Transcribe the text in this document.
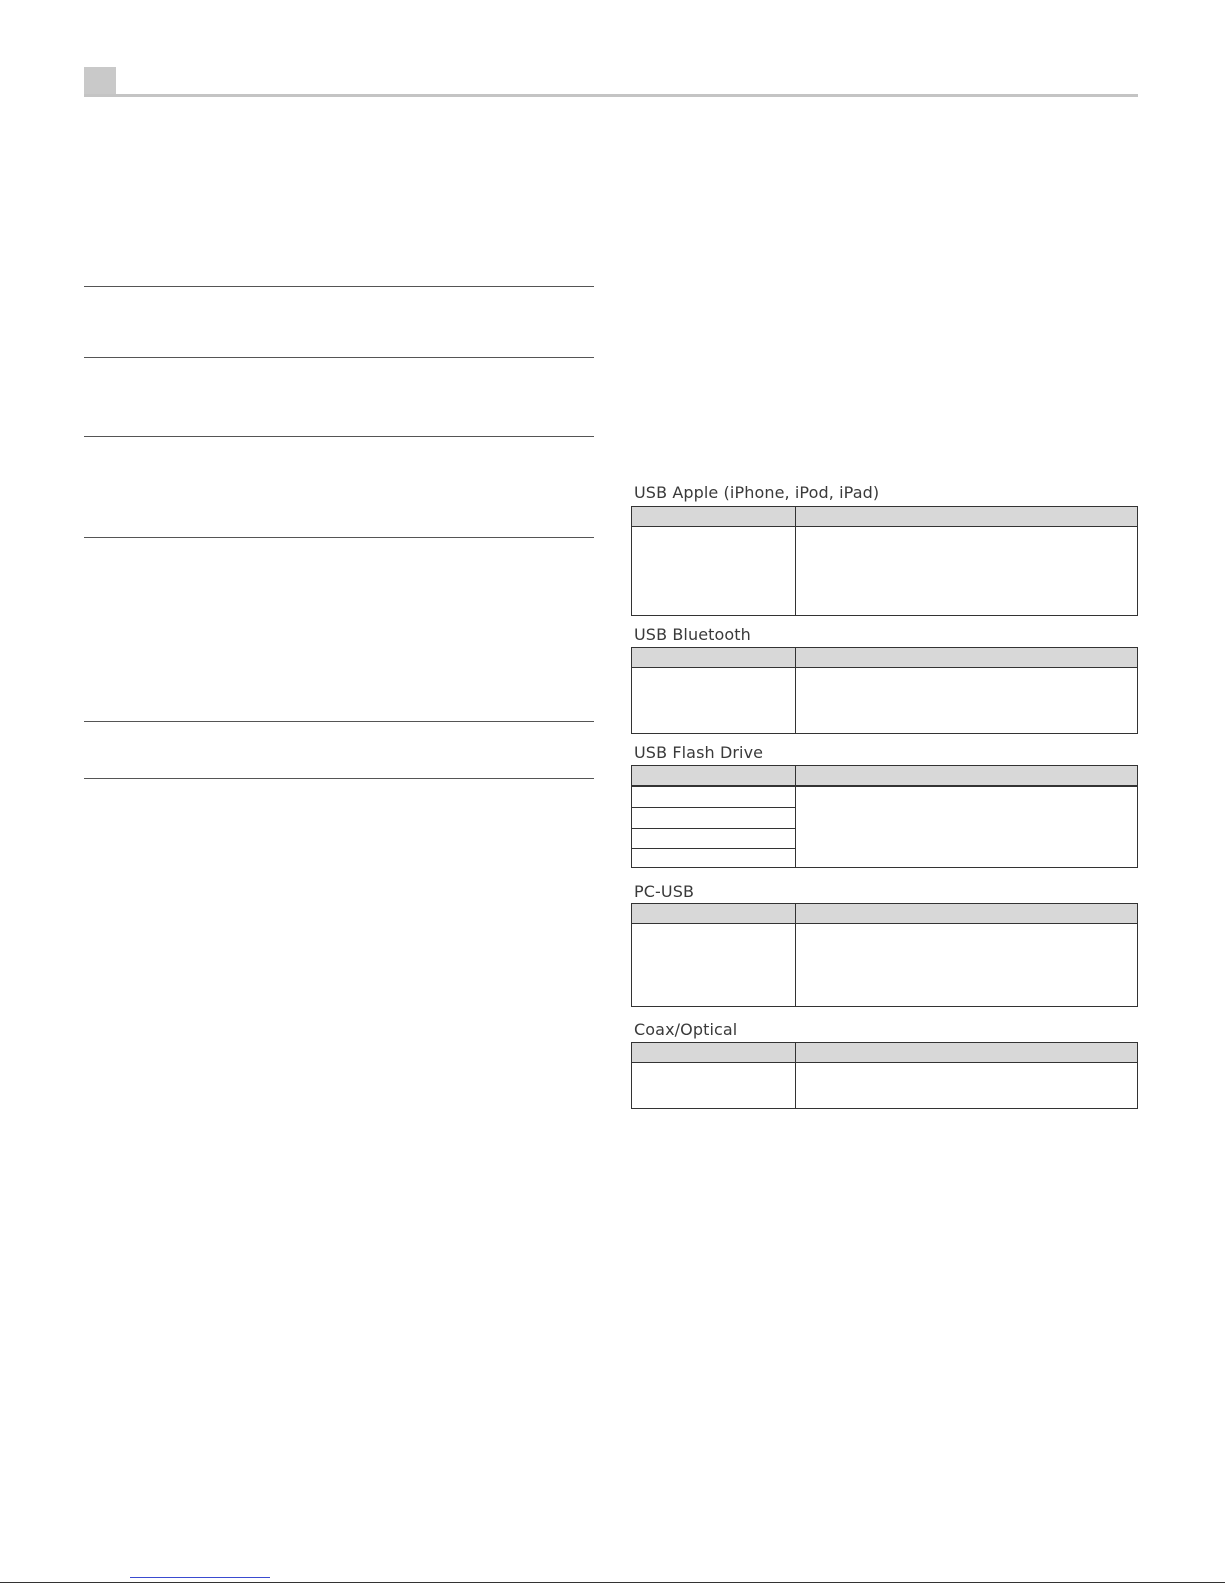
USB Apple (iPhone, iPod, iPad)
USB Bluetooth
USB Flash Drive
PC-USB
Coax/Optical
